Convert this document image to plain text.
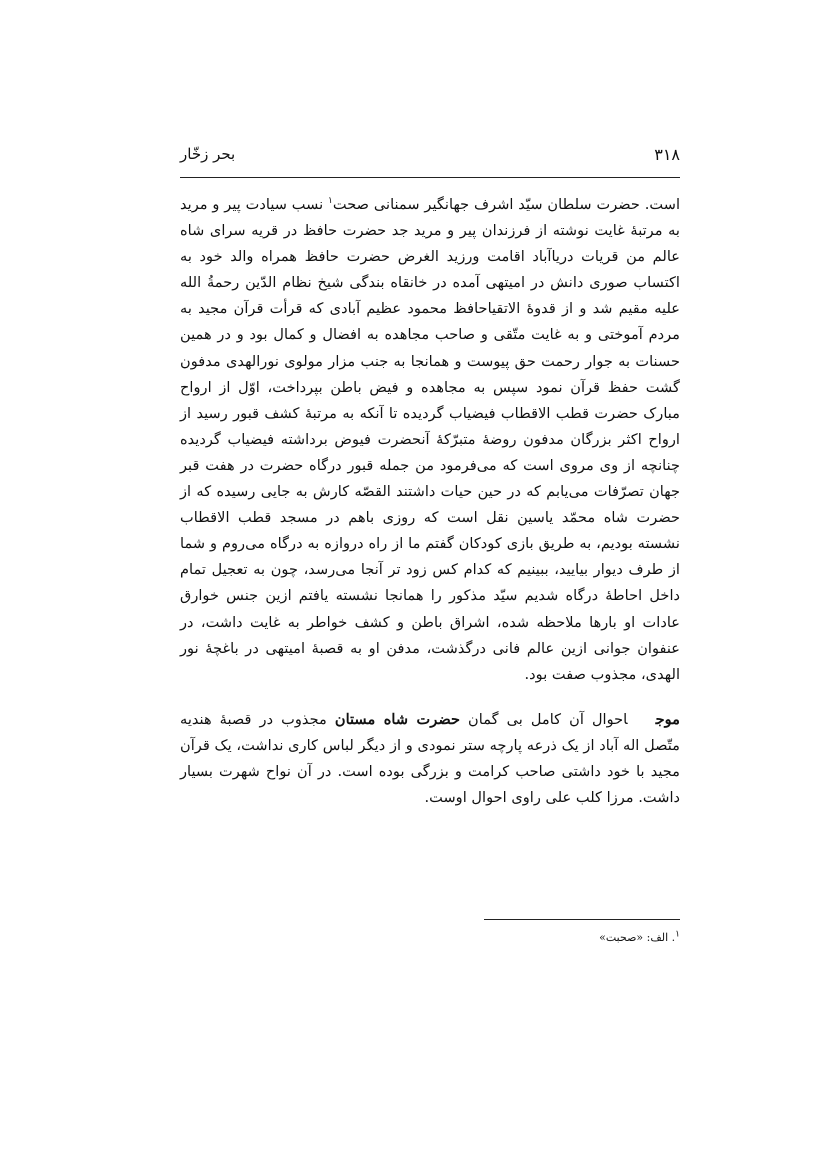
۳۱۸
بحر زخّار

است. حضرت سلطان سیّد اشرف جهانگیر سمنانی صحت$^۱$ نسب سیادت پیر و مرید به مرتبهٔ غایت نوشته از فرزندان پیر و مرید جد حضرت حافظ در قریه سرای شاه عالم من قریات دریاآباد اقامت ورزید الغرض حضرت حافظ همراه والد خود به اکتساب صوری دانش در امیتهی آمده در خانقاه بندگی شیخ نظام الدّین رحمةُ الله علیه مقیم شد و از قدوهٔ الاتقیاحافظ محمود عظیم آبادی که قرأت قرآن مجید به مردم آموختی و به غایت متّقی و صاحب مجاهده به افضال و کمال بود و در همین حسنات به جوار رحمت حق پیوست و همانجا به جنب مزار مولوی نورالهدی مدفون گشت حفظ قرآن نمود سپس به مجاهده و فیض باطن بپرداخت، اوّل از ارواح مبارک حضرت قطب الاقطاب فیضیاب گردیده تا آنکه به مرتبهٔ کشف قبور رسید از ارواح اکثر بزرگان مدفون روضهٔ متبرّکهٔ آنحضرت فیوض برداشته فیضیاب گردیده چنانچه از وی مروی است که می‌فرمود من جمله قبور درگاه حضرت در هفت قبر جهان تصرّفات می‌یابم که در حین حیات داشتند القصّه کارش به جایی رسیده که از حضرت شاه محمّد یاسین نقل است که روزی باهم در مسجد قطب الاقطاب نشسته بودیم، به طریق بازی کودکان گفتم ما از راه دروازه به درگاه می‌روم و شما از طرف دیوار بیایید، ببینیم که کدام کس زود تر آنجا می‌رسد، چون به تعجیل تمام داخل احاطهٔ درگاه شدیم سیّد مذکور را همانجا نشسته یافتم ازین جنس خوارق عادات او بارها ملاحظه شده، اشراق باطن و کشف خواطر به غایت داشت، در عنفوان جوانی ازین عالم فانی درگذشت، مدفن او به قصبهٔ امیتهی در باغچهٔ نور الهدی، مجذوب صفت بود.

موجاحوال آن کامل بی گمان حضرت شاه مستان مجذوب در قصبهٔ هندیه متّصل اله آباد از یک ذرعه پارچه ستر نمودی و از دیگر لباس کاری نداشت، یک قرآن مجید با خود داشتی صاحب کرامت و بزرگی بوده است. در آن نواح شهرت بسیار داشت. مرزا کلب علی راوی احوال اوست.
$^۱$. الف: «صحبت»
